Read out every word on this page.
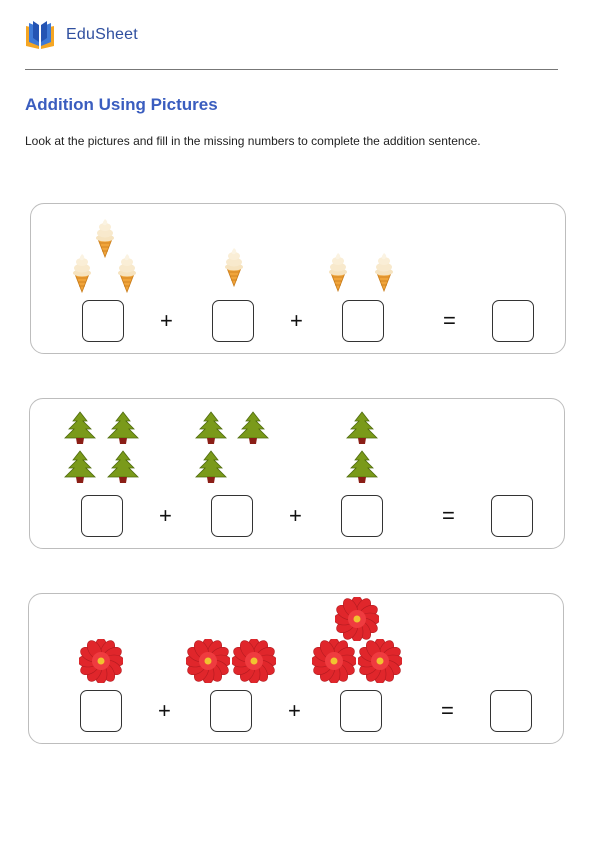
EduSheet
Addition Using Pictures

Look at the pictures and fill in the missing numbers to complete the addition sentence.

+	+	=
+	+	=
+	+	=
